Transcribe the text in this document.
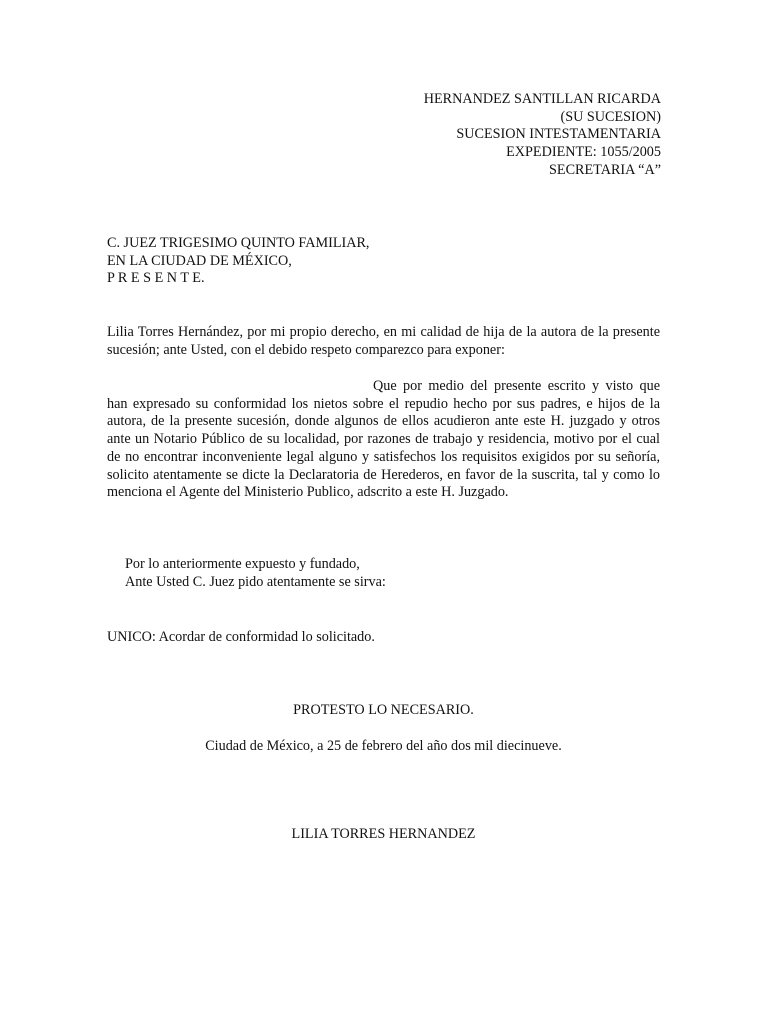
HERNANDEZ SANTILLAN RICARDA
(SU SUCESION)
SUCESION INTESTAMENTARIA
EXPEDIENTE: 1055/2005
SECRETARIA “A”
C. JUEZ TRIGESIMO QUINTO FAMILIAR,
EN LA CIUDAD DE MÉXICO,
P R E S E N T E.
Lilia Torres Hernández, por mi propio derecho, en mi calidad de hija de la autora de la presente sucesión; ante Usted, con el debido respeto comparezco para exponer:
Que por medio del presente escrito y visto que han expresado su conformidad los nietos sobre el repudio hecho por sus padres, e hijos de la autora, de la presente sucesión, donde algunos de ellos acudieron ante este H. juzgado y otros ante un Notario Público de su localidad, por razones de trabajo y residencia, motivo por el cual de no encontrar inconveniente legal alguno y satisfechos los requisitos exigidos por su señoría, solicito atentamente se dicte la Declaratoria de Herederos, en favor de la suscrita, tal y como lo menciona el Agente del Ministerio Publico, adscrito a este H. Juzgado.
Por lo anteriormente expuesto y fundado,
Ante Usted C. Juez pido atentamente se sirva:
UNICO: Acordar de conformidad lo solicitado.
PROTESTO LO NECESARIO.
Ciudad de México, a 25 de febrero del año dos mil diecinueve.
LILIA TORRES HERNANDEZ
